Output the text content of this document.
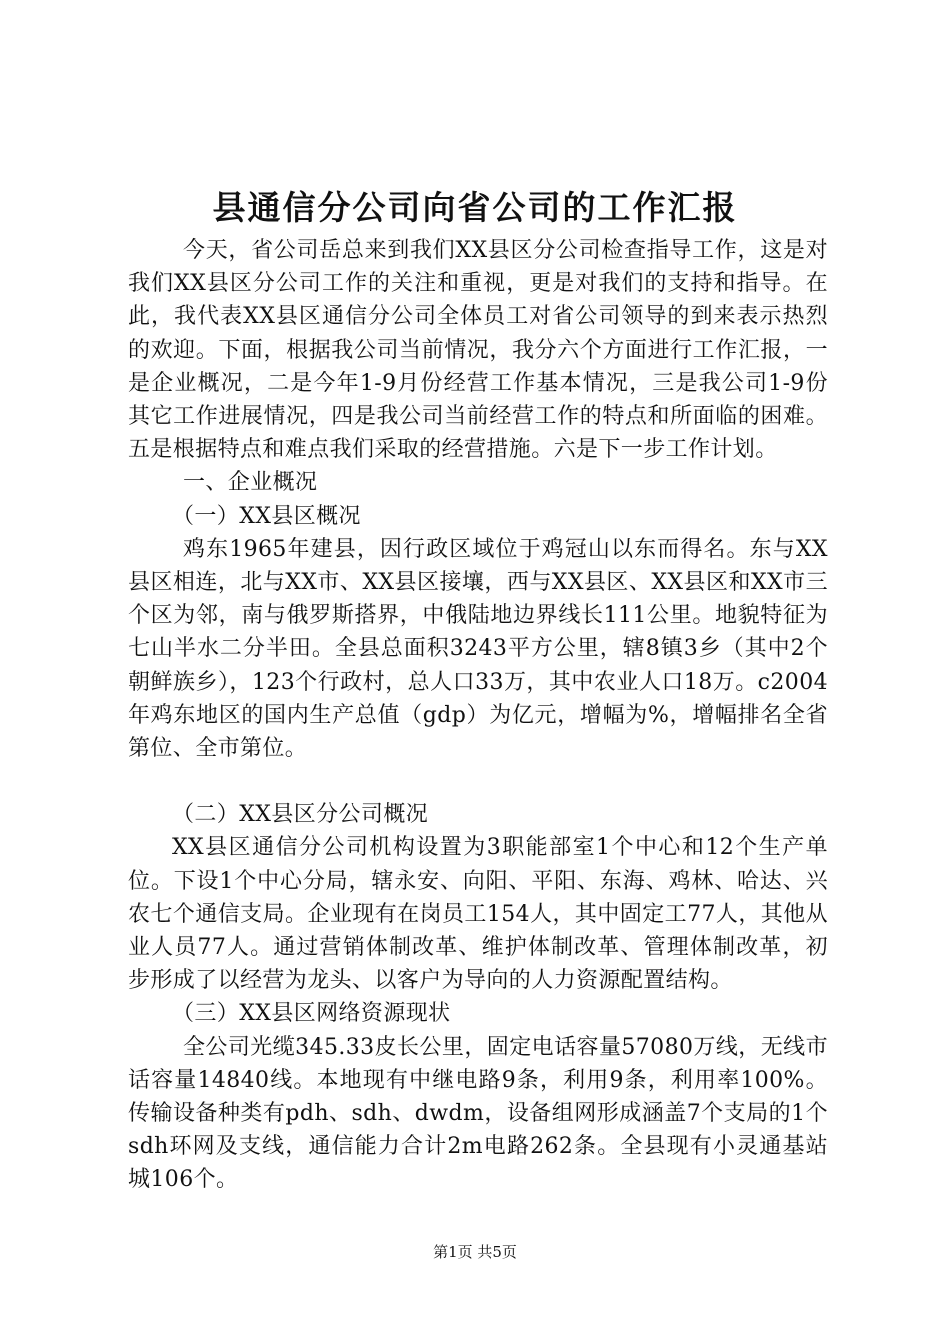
县通信分公司向省公司的工作汇报

今天，省公司岳总来到我们XX县区分公司检查指导工作，这是对我们XX县区分公司工作的关注和重视，更是对我们的支持和指导。在此，我代表XX县区通信分公司全体员工对省公司领导的到来表示热烈的欢迎。下面，根据我公司当前情况，我分六个方面进行工作汇报，一是企业概况，二是今年1-9月份经营工作基本情况，三是我公司1-9份其它工作进展情况，四是我公司当前经营工作的特点和所面临的困难。五是根据特点和难点我们采取的经营措施。六是下一步工作计划。

一、企业概况

（一）XX县区概况

鸡东1965年建县，因行政区域位于鸡冠山以东而得名。东与XX县区相连，北与XX市、XX县区接壤，西与XX县区、XX县区和XX市三个区为邻，南与俄罗斯搭界，中俄陆地边界线长111公里。地貌特征为七山半水二分半田。全县总面积3243平方公里，辖8镇3乡（其中2个朝鲜族乡），123个行政村，总人口33万，其中农业人口18万。c2004年鸡东地区的国内生产总值（gdp）为亿元，增幅为%，增幅排名全省第位、全市第位。

（二）XX县区分公司概况

XX县区通信分公司机构设置为3职能部室1个中心和12个生产单位。下设1个中心分局，辖永安、向阳、平阳、东海、鸡林、哈达、兴农七个通信支局。企业现有在岗员工154人，其中固定工77人，其他从业人员77人。通过营销体制改革、维护体制改革、管理体制改革，初步形成了以经营为龙头、以客户为导向的人力资源配置结构。

（三）XX县区网络资源现状

全公司光缆345.33皮长公里，固定电话容量57080万线，无线市话容量14840线。本地现有中继电路9条，利用9条，利用率100%。传输设备种类有pdh、sdh、dwdm，设备组网形成涵盖7个支局的1个sdh环网及支线，通信能力合计2m电路262条。全县现有小灵通基站城106个。

第1页 共5页
